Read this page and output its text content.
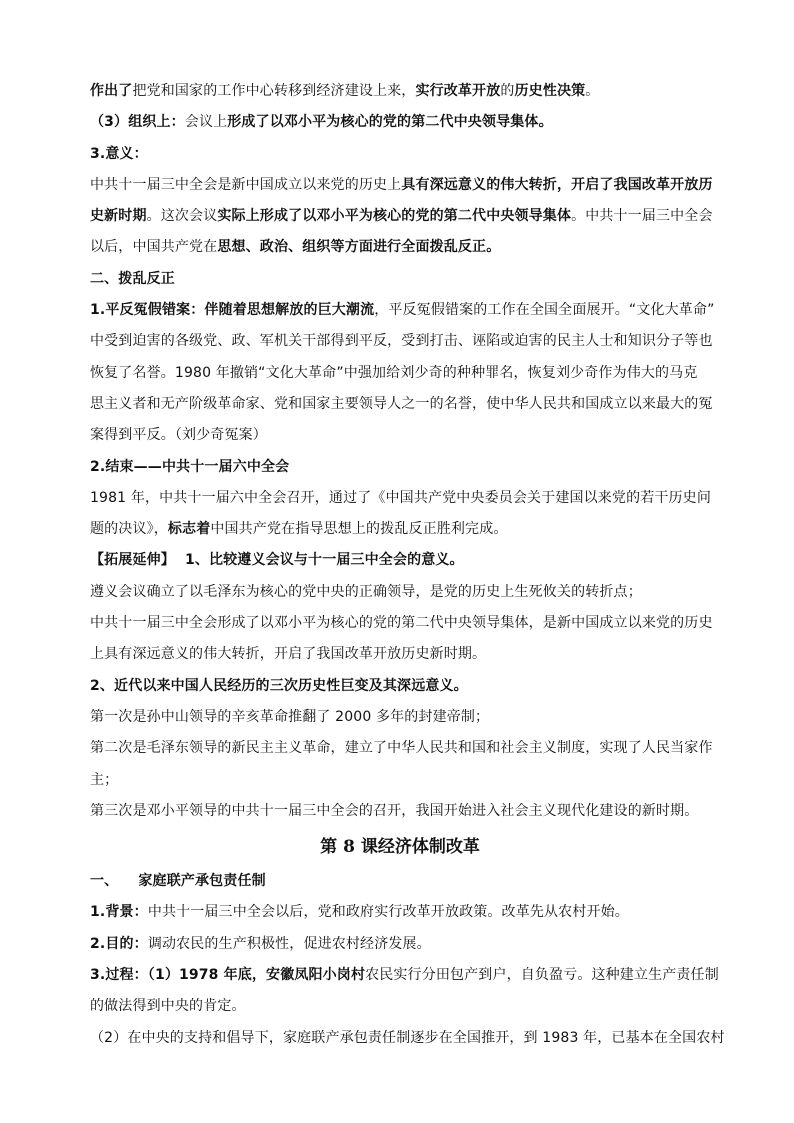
作出了把党和国家的工作中心转移到经济建设上来，实行改革开放的历史性决策。
（3）组织上：会议上形成了以邓小平为核心的党的第二代中央领导集体。
3.意义：
中共十一届三中全会是新中国成立以来党的历史上具有深远意义的伟大转折，开启了我国改革开放历
史新时期。这次会议实际上形成了以邓小平为核心的党的第二代中央领导集体。中共十一届三中全会
以后，中国共产党在思想、政治、组织等方面进行全面拨乱反正。
二、拨乱反正
1.平反冤假错案：伴随着思想解放的巨大潮流，平反冤假错案的工作在全国全面展开。“文化大革命”
中受到迫害的各级党、政、军机关干部得到平反，受到打击、诬陷或迫害的民主人士和知识分子等也
恢复了名誉。1980 年撤销“文化大革命”中强加给刘少奇的种种罪名，恢复刘少奇作为伟大的马克
思主义者和无产阶级革命家、党和国家主要领导人之一的名誉，使中华人民共和国成立以来最大的冤
案得到平反。（刘少奇冤案）
2.结束——中共十一届六中全会
1981 年，中共十一届六中全会召开，通过了《中国共产党中央委员会关于建国以来党的若干历史问
题的决议》，标志着中国共产党在指导思想上的拨乱反正胜利完成。
【拓展延伸】  1、比较遵义会议与十一届三中全会的意义。
遵义会议确立了以毛泽东为核心的党中央的正确领导，是党的历史上生死攸关的转折点；
中共十一届三中全会形成了以邓小平为核心的党的第二代中央领导集体，是新中国成立以来党的历史
上具有深远意义的伟大转折，开启了我国改革开放历史新时期。
2、近代以来中国人民经历的三次历史性巨变及其深远意义。
第一次是孙中山领导的辛亥革命推翻了 2000 多年的封建帝制；
第二次是毛泽东领导的新民主主义革命，建立了中华人民共和国和社会主义制度，实现了人民当家作
主；
第三次是邓小平领导的中共十一届三中全会的召开，我国开始进入社会主义现代化建设的新时期。
第 8 课经济体制改革
一、    家庭联产承包责任制
1.背景：中共十一届三中全会以后，党和政府实行改革开放政策。改革先从农村开始。
2.目的：调动农民的生产积极性，促进农村经济发展。
3.过程：（1）1978 年底，安徽凤阳小岗村农民实行分田包产到户，自负盈亏。这种建立生产责任制
的做法得到中央的肯定。
（2）在中央的支持和倡导下，家庭联产承包责任制逐步在全国推开，到 1983 年，已基本在全国农村
